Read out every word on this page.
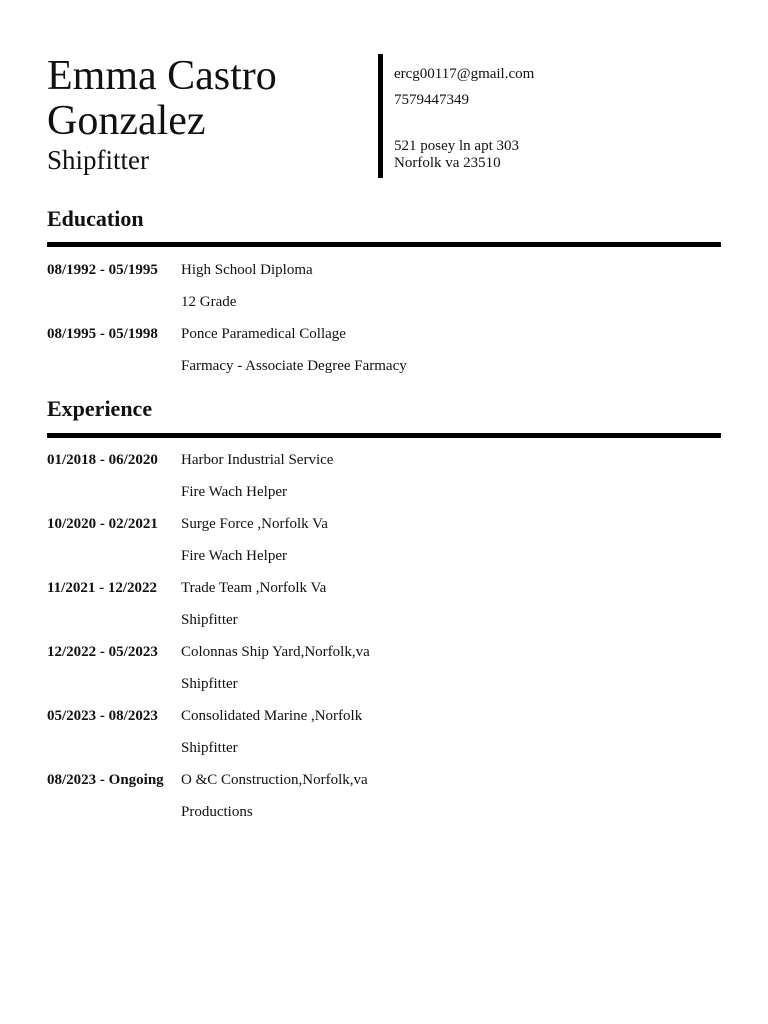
Emma Castro
Gonzalez
Shipfitter
ercg00117@gmail.com
7579447349
521 posey ln apt 303
Norfolk va 23510
Education
08/1992 - 05/1995 High School Diploma
12 Grade
08/1995 - 05/1998 Ponce Paramedical Collage
Farmacy - Associate Degree Farmacy
Experience
01/2018 - 06/2020 Harbor Industrial Service
Fire Wach Helper
10/2020 - 02/2021 Surge Force ,Norfolk Va
Fire Wach Helper
11/2021 - 12/2022 Trade Team ,Norfolk Va
Shipfitter
12/2022 - 05/2023 Colonnas Ship Yard,Norfolk,va
Shipfitter
05/2023 - 08/2023 Consolidated Marine ,Norfolk
Shipfitter
08/2023 - Ongoing O &C Construction,Norfolk,va
Productions
